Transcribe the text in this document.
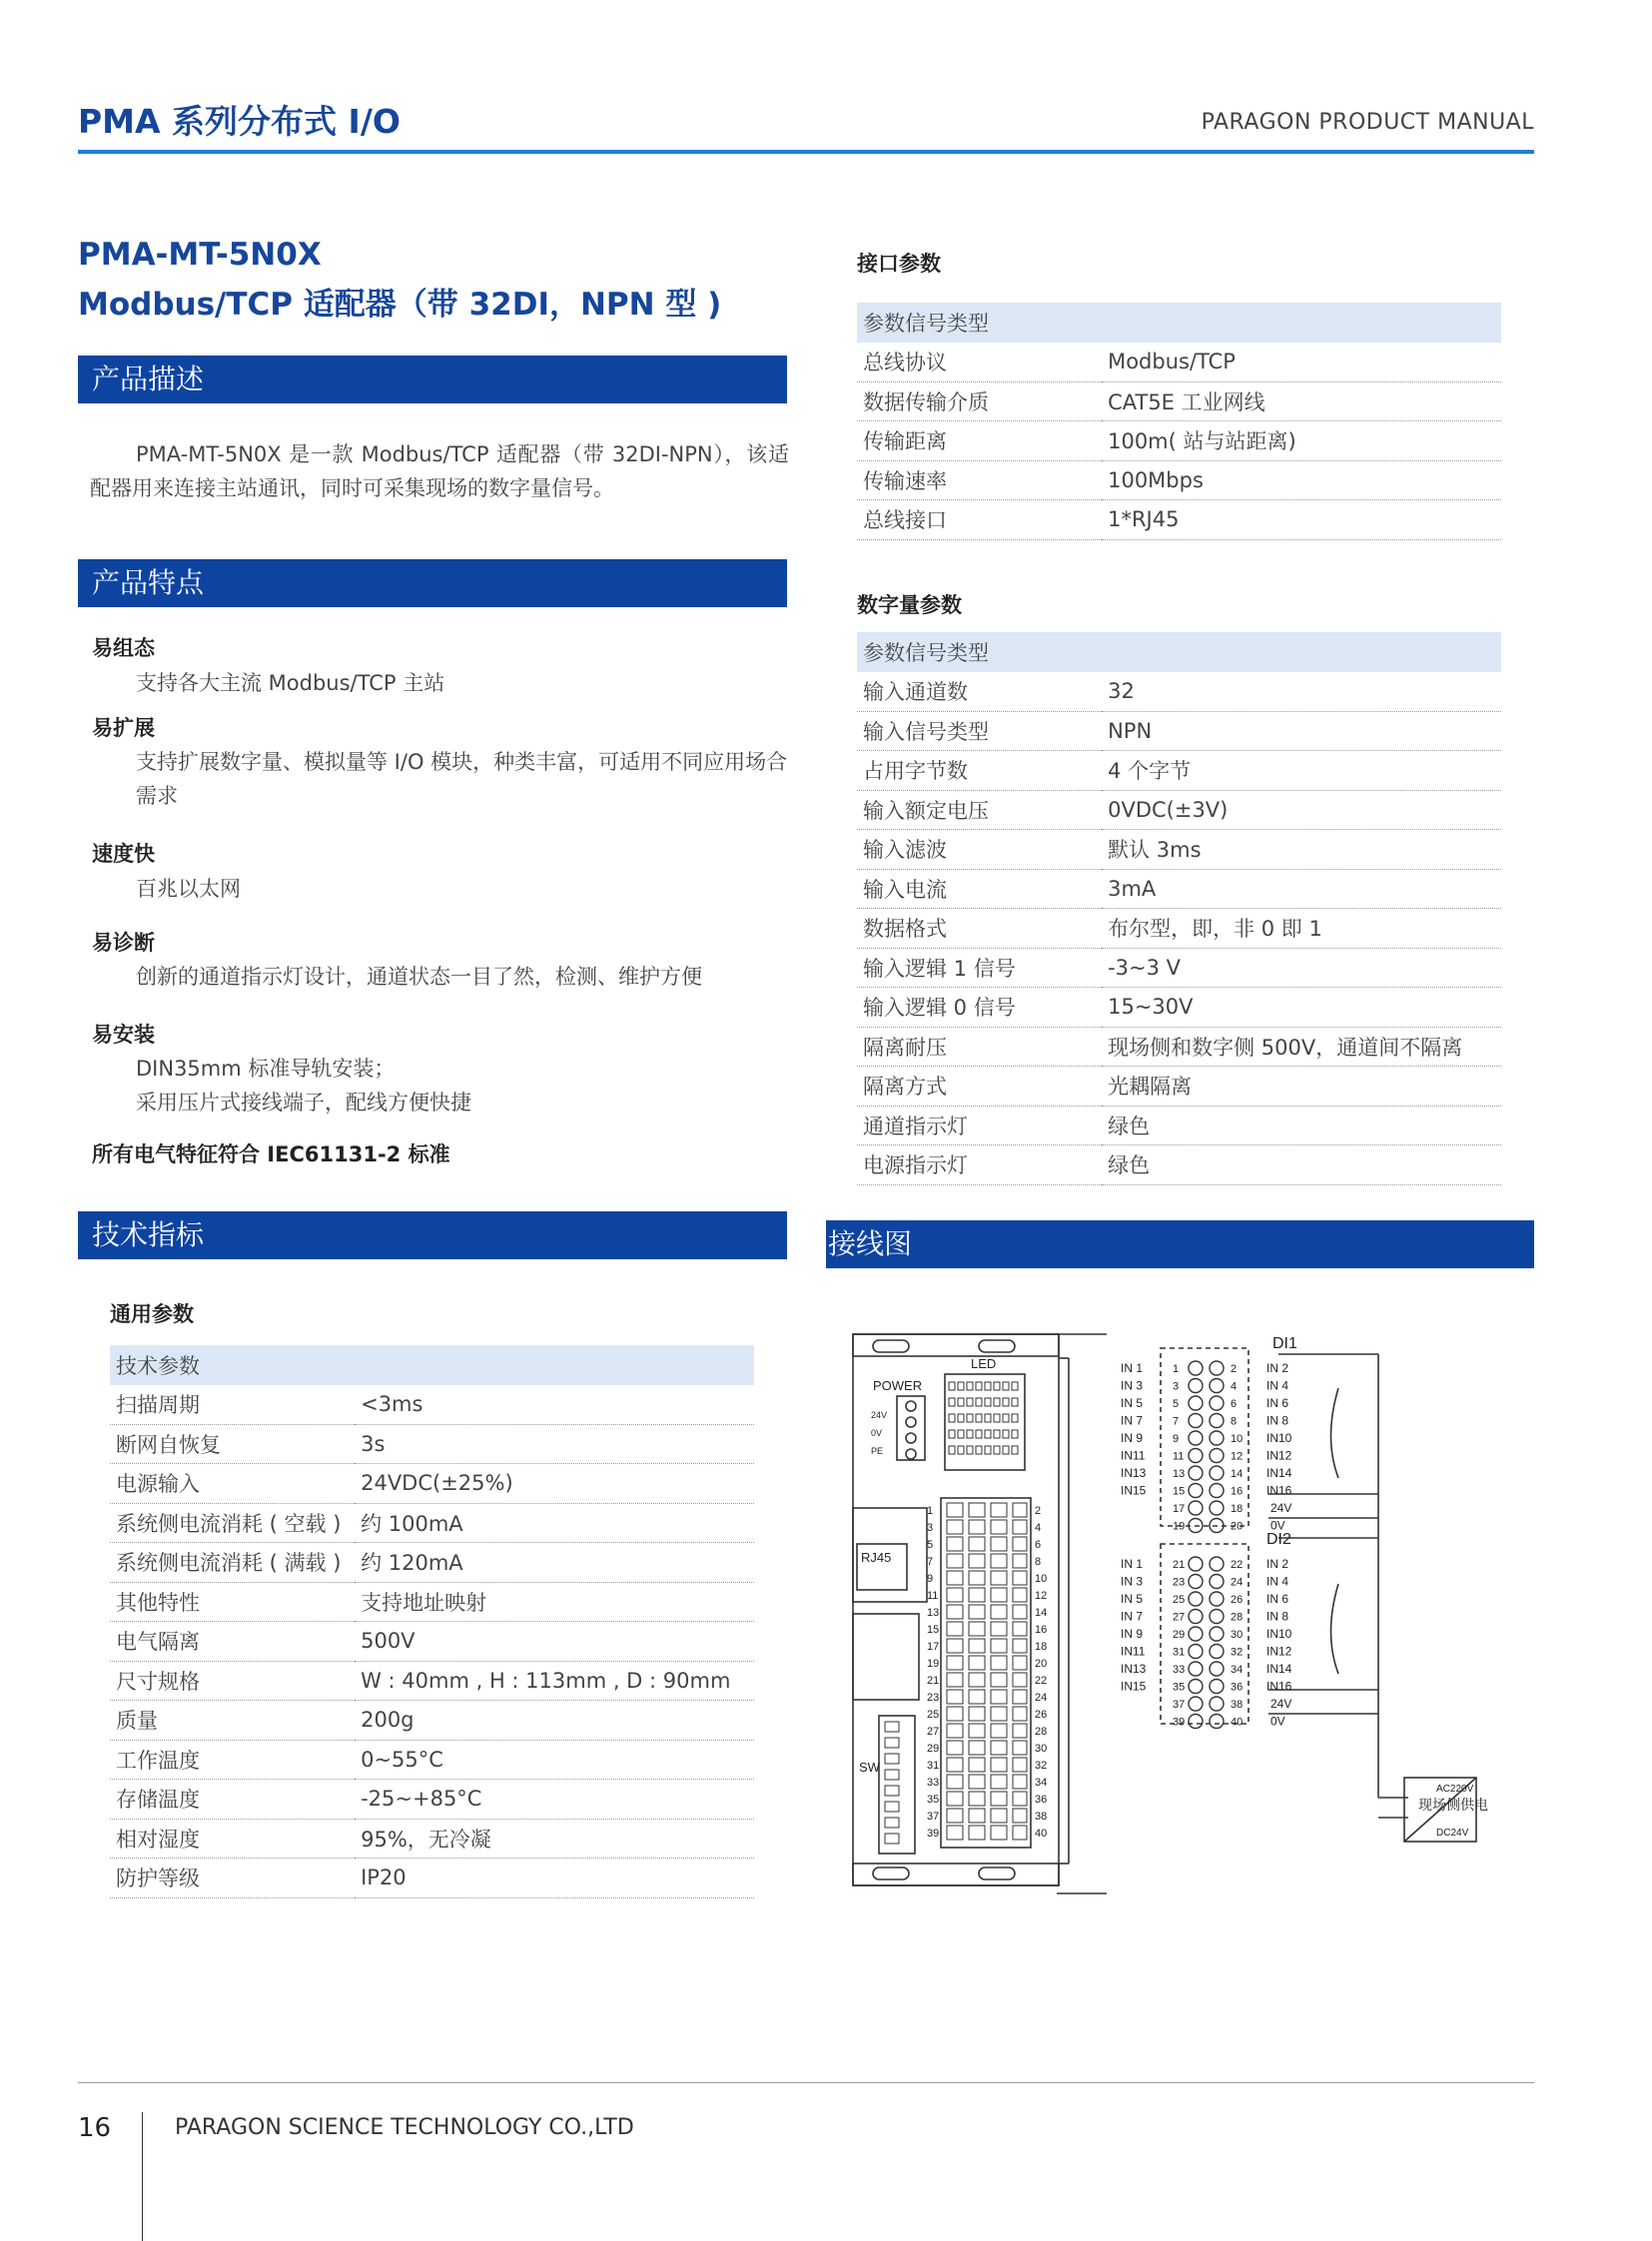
PMA 系列分布式 I/O	PARAGON PRODUCT MANUAL
PMA-MT-5N0X
Modbus/TCP 适配器（带 32DI，NPN 型 )
产品描述
PMA-MT-5N0X 是一款 Modbus/TCP 适配器（带 32DI-NPN），该适配器用来连接主站通讯，同时可采集现场的数字量信号。
产品特点
易组态
支持各大主流 Modbus/TCP 主站
易扩展
支持扩展数字量、模拟量等 I/O 模块，种类丰富，可适用不同应用场合需求
速度快
百兆以太网
易诊断
创新的通道指示灯设计，通道状态一目了然，检测、维护方便
易安装
DIN35mm 标准导轨安装；
采用压片式接线端子，配线方便快捷
所有电气特征符合 IEC61131-2 标准
技术指标
通用参数
技术参数	
扫描周期	<3ms
断网自恢复	3s
电源输入	24VDC(±25%)
系统侧电流消耗 ( 空载 )	约 100mA
系统侧电流消耗 ( 满载 )	约 120mA
其他特性	支持地址映射
电气隔离	500V
尺寸规格	W : 40mm , H : 113mm , D : 90mm
质量	200g
工作温度	0~55°C
存储温度	-25~+85°C
相对湿度	95%，无冷凝
防护等级	IP20
接口参数
参数信号类型	
总线协议	Modbus/TCP
数据传输介质	CAT5E 工业网线
传输距离	100m( 站与站距离)
传输速率	100Mbps
总线接口	1*RJ45
数字量参数
参数信号类型	
输入通道数	32
输入信号类型	NPN
占用字节数	4 个字节
输入额定电压	0VDC(±3V)
输入滤波	默认 3ms
输入电流	3mA
数据格式	布尔型，即，非 0 即 1
输入逻辑 1 信号	-3~3 V
输入逻辑 0 信号	15~30V
隔离耐压	现场侧和数字侧 500V，通道间不隔离
隔离方式	光耦隔离
通道指示灯	绿色
电源指示灯	绿色
接线图
POWER
LED
24V
0V
PE
RJ45
SW
DI1
DI2
现场侧供电
AC220V
DC24V
IN 1	IN 2
IN 3	IN 4
IN 5	IN 6
IN 7	IN 8
IN 9	IN10
IN11	IN12
IN13	IN14
IN15	IN16
24V
0V
IN 1	IN 2
IN 3	IN 4
IN 5	IN 6
IN 7	IN 8
IN 9	IN10
IN11	IN12
IN13	IN14
IN15	IN16
24V
0V
1	2
3	4
5	6
7	8
9	10
11	12
13	14
15	16
17	18
19	20
21	22
23	24
25	26
27	28
29	30
31	32
33	34
35	36
37	38
39	40
1	2
3	4
5	6
7	8
9	10
11	12
13	14
15	16
17	18
19	20
21	22
23	24
25	26
27	28
29	30
31	32
33	34
35	36
37	38
39	40
16	PARAGON SCIENCE TECHNOLOGY CO.,LTD
